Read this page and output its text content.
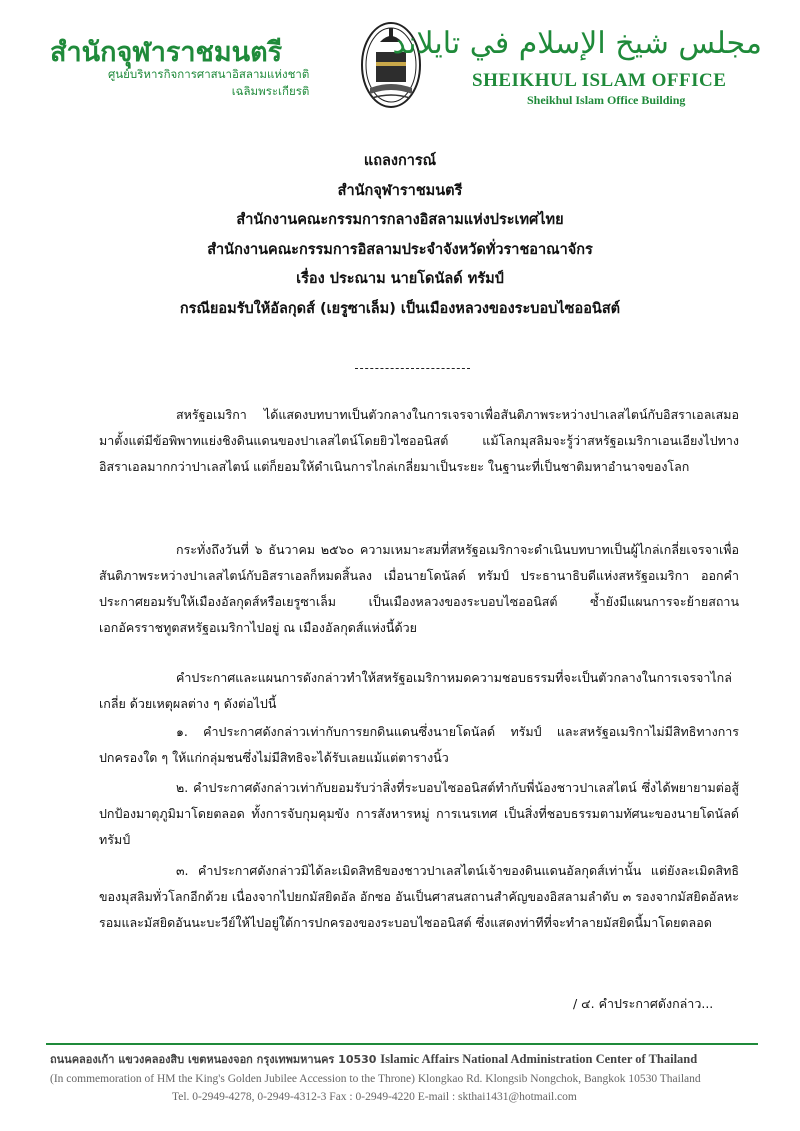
สำนักจุฬาราชมนตรี
ศูนย์บริหารกิจการศาสนาอิสลามแห่งชาติ
เฉลิมพระเกียรติ
مجلس شيخ الإسلام في تايلاند
SHEIKHUL ISLAM OFFICE
Sheikhul Islam Office Building
แถลงการณ์
สำนักจุฬาราชมนตรี
สำนักงานคณะกรรมการกลางอิสลามแห่งประเทศไทย
สำนักงานคณะกรรมการอิสลามประจำจังหวัดทั่วราชอาณาจักร
เรื่อง ประณาม นายโดนัลด์ ทรัมป์
กรณียอมรับให้อัลกุดส์ (เยรูซาเล็ม) เป็นเมืองหลวงของระบอบไซออนิสต์

สหรัฐอเมริกา ได้แสดงบทบาทเป็นตัวกลางในการเจรจาเพื่อสันติภาพระหว่างปาเลสไตน์กับอิสราเอลเสมอมาตั้งแต่มีข้อพิพาทแย่งชิงดินแดนของปาเลสไตน์โดยยิวไซออนิสต์ แม้โลกมุสลิมจะรู้ว่าสหรัฐอเมริกาเอนเอียงไปทางอิสราเอลมากกว่าปาเลสไตน์ แต่ก็ยอมให้ดำเนินการไกล่เกลี่ยมาเป็นระยะ ในฐานะที่เป็นชาติมหาอำนาจของโลก

กระทั่งถึงวันที่ ๖ ธันวาคม ๒๕๖๐ ความเหมาะสมที่สหรัฐอเมริกาจะดำเนินบทบาทเป็นผู้ไกล่เกลี่ยเจรจาเพื่อสันติภาพระหว่างปาเลสไตน์กับอิสราเอลก็หมดสิ้นลง เมื่อนายโดนัลด์ ทรัมป์ ประธานาธิบดีแห่งสหรัฐอเมริกา ออกคำประกาศยอมรับให้เมืองอัลกุดส์หรือเยรูซาเล็ม เป็นเมืองหลวงของระบอบไซออนิสต์ ซ้ำยังมีแผนการจะย้ายสถานเอกอัครราชทูตสหรัฐอเมริกาไปอยู่ ณ เมืองอัลกุดส์แห่งนี้ด้วย

คำประกาศและแผนการดังกล่าวทำให้สหรัฐอเมริกาหมดความชอบธรรมที่จะเป็นตัวกลางในการเจรจาไกล่เกลี่ย ด้วยเหตุผลต่าง ๆ ดังต่อไปนี้

๑. คำประกาศดังกล่าวเท่ากับการยกดินแดนซึ่งนายโดนัลด์ ทรัมป์ และสหรัฐอเมริกาไม่มีสิทธิทางการปกครองใด ๆ ให้แก่กลุ่มชนซึ่งไม่มีสิทธิจะได้รับเลยแม้แต่ตารางนิ้ว

๒. คำประกาศดังกล่าวเท่ากับยอมรับว่าสิ่งที่ระบอบไซออนิสต์ทำกับพี่น้องชาวปาเลสไตน์ ซึ่งได้พยายามต่อสู้ปกป้องมาตุภูมิมาโดยตลอด ทั้งการจับกุมคุมขัง การสังหารหมู่ การเนรเทศ เป็นสิ่งที่ชอบธรรมตามทัศนะของนายโดนัลด์ ทรัมป์

๓. คำประกาศดังกล่าวมิได้ละเมิดสิทธิของชาวปาเลสไตน์เจ้าของดินแดนอัลกุดส์เท่านั้น แต่ยังละเมิดสิทธิของมุสลิมทั่วโลกอีกด้วย เนื่องจากไปยกมัสยิดอัล อักซอ อันเป็นศาสนสถานสำคัญของอิสลามลำดับ ๓ รองจากมัสยิดอัลหะรอมและมัสยิดอันนะบะวีย์ให้ไปอยู่ใต้การปกครองของระบอบไซออนิสต์ ซึ่งแสดงท่าทีที่จะทำลายมัสยิดนี้มาโดยตลอด

/ ๔. คำประกาศดังกล่าว...
ถนนคลองเก้า แขวงคลองสิบ เขตหนองจอก กรุงเทพมหานคร 10530 Islamic Affairs National Administration Center of Thailand
(In commemoration of HM the King's Golden Jubilee Accession to the Throne) Klongkao Rd. Klongsib Nongchok, Bangkok 10530 Thailand
Tel. 0-2949-4278, 0-2949-4312-3 Fax : 0-2949-4220 E-mail : skthai1431@hotmail.com
